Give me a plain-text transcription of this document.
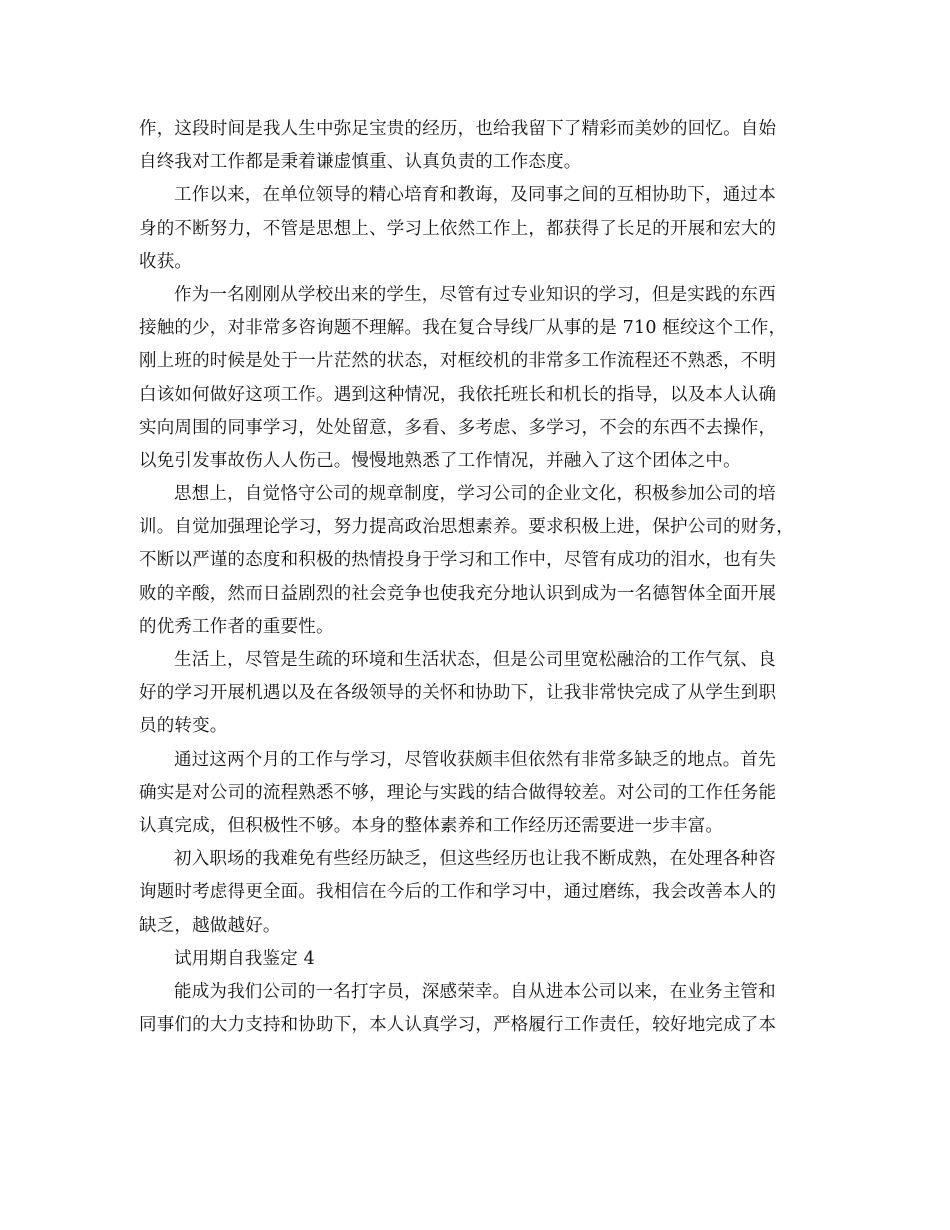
作，这段时间是我人生中弥足宝贵的经历，也给我留下了精彩而美妙的回忆。自始
自终我对工作都是秉着谦虚慎重、认真负责的工作态度。
工作以来，在单位领导的精心培育和教诲，及同事之间的互相协助下，通过本
身的不断努力，不管是思想上、学习上依然工作上，都获得了长足的开展和宏大的
收获。
作为一名刚刚从学校出来的学生，尽管有过专业知识的学习，但是实践的东西
接触的少，对非常多咨询题不理解。我在复合导线厂从事的是 710 框绞这个工作，
刚上班的时候是处于一片茫然的状态，对框绞机的非常多工作流程还不熟悉，不明
白该如何做好这项工作。遇到这种情况，我依托班长和机长的指导，以及本人认确
实向周围的同事学习，处处留意，多看、多考虑、多学习，不会的东西不去操作，
以免引发事故伤人人伤己。慢慢地熟悉了工作情况，并融入了这个团体之中。
思想上，自觉恪守公司的规章制度，学习公司的企业文化，积极参加公司的培
训。自觉加强理论学习，努力提高政治思想素养。要求积极上进，保护公司的财务，
不断以严谨的态度和积极的热情投身于学习和工作中，尽管有成功的泪水，也有失
败的辛酸，然而日益剧烈的社会竞争也使我充分地认识到成为一名德智体全面开展
的优秀工作者的重要性。
生活上，尽管是生疏的环境和生活状态，但是公司里宽松融洽的工作气氛、良
好的学习开展机遇以及在各级领导的关怀和协助下，让我非常快完成了从学生到职
员的转变。
通过这两个月的工作与学习，尽管收获颇丰但依然有非常多缺乏的地点。首先
确实是对公司的流程熟悉不够，理论与实践的结合做得较差。对公司的工作任务能
认真完成，但积极性不够。本身的整体素养和工作经历还需要进一步丰富。
初入职场的我难免有些经历缺乏，但这些经历也让我不断成熟，在处理各种咨
询题时考虑得更全面。我相信在今后的工作和学习中，通过磨练，我会改善本人的
缺乏，越做越好。
试用期自我鉴定 4
能成为我们公司的一名打字员，深感荣幸。自从进本公司以来，在业务主管和
同事们的大力支持和协助下，本人认真学习，严格履行工作责任，较好地完成了本
